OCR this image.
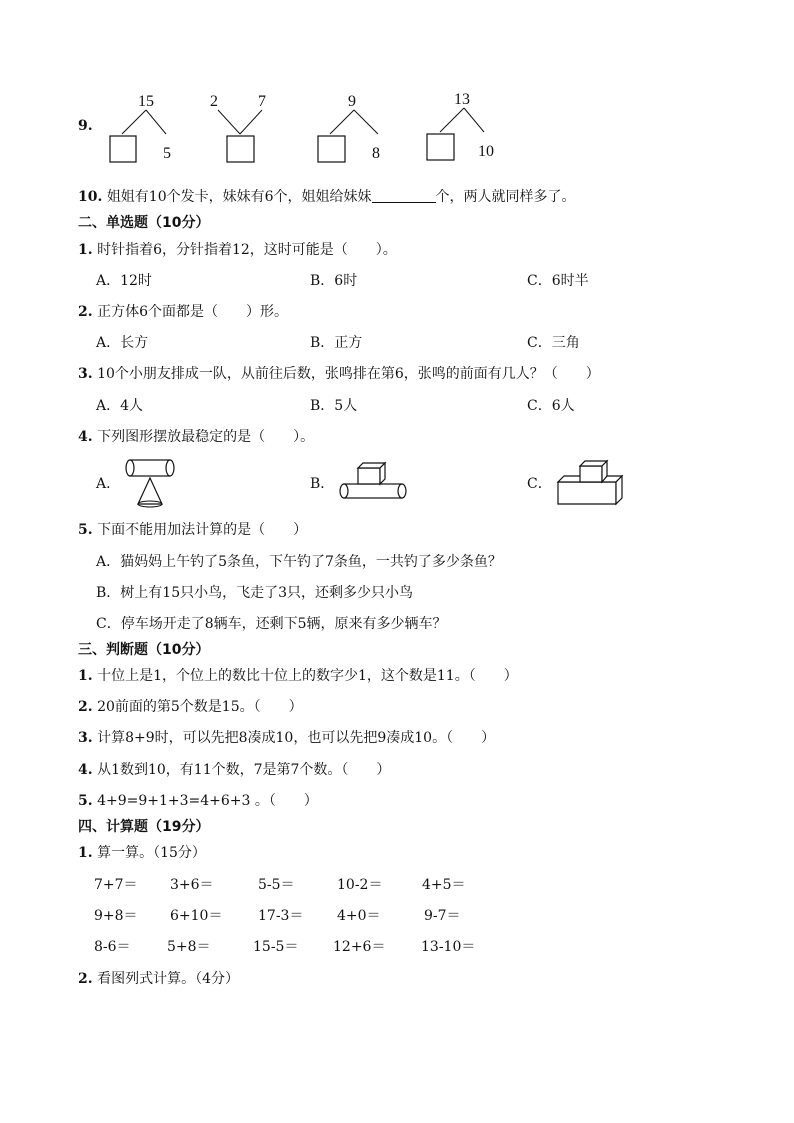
9.
15
5
2	7	9
8
13
10
10. 姐姐有10个发卡，妹妹有6个，姐姐给妹妹	个，两人就同样多了。
二、单选题（10分）
1. 时针指着6，分针指着12，这时可能是（　　）。
A．12时	B．6时	C．6时半
2. 正方体6个面都是（　　）形。
A．长方	B．正方	C．三角
3. 10个小朋友排成一队，从前往后数，张鸣排在第6，张鸣的前面有几人？（　　）
A．4人	B．5人	C．6人
4. 下列图形摆放最稳定的是（　　）。
A．	B．	C．
5. 下面不能用加法计算的是（　　）
A．猫妈妈上午钓了5条鱼，下午钓了7条鱼，一共钓了多少条鱼？
B．树上有15只小鸟，飞走了3只，还剩多少只小鸟
C．停车场开走了8辆车，还剩下5辆，原来有多少辆车？
三、判断题（10分）
1. 十位上是1，个位上的数比十位上的数字少1，这个数是11。（　　）
2. 20前面的第5个数是15。（　　）
3. 计算8+9时，可以先把8凑成10，也可以先把9凑成10。（　　）
4. 从1数到10，有11个数，7是第7个数。（　　）
5. 4+9=9+1+3=4+6+3 。（　　）
四、计算题（19分）
1. 算一算。（15分）
7+7＝ 3+6＝	5-5＝	10-2＝	4+5＝
9+8＝ 6+10＝	17-3＝ 4+0＝	9-7＝
8-6＝	5+8＝	15-5＝ 12+6＝	13-10＝
2. 看图列式计算。（4分）
